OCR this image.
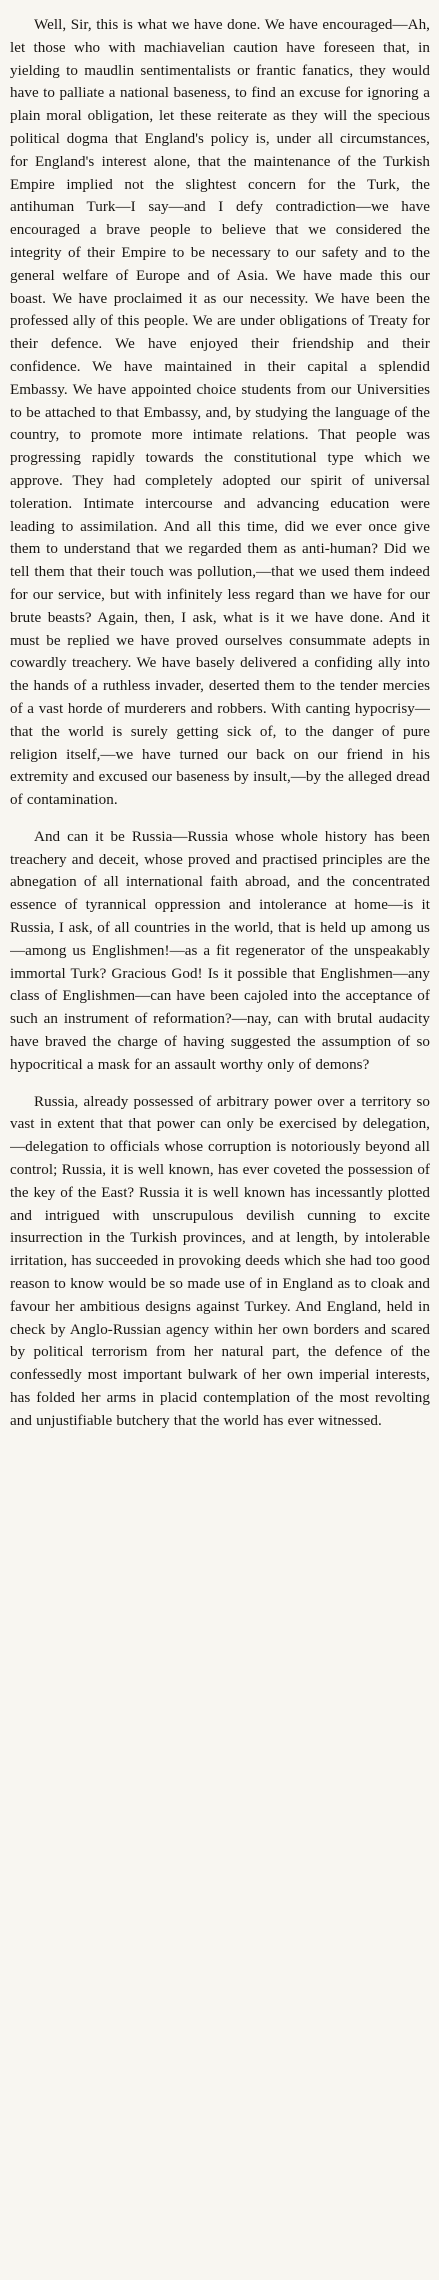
Well, Sir, this is what we have done. We have encouraged—Ah, let those who with machiavelian caution have foreseen that, in yielding to maudlin sentimentalists or frantic fanatics, they would have to palliate a national baseness, to find an excuse for ignoring a plain moral obligation, let these reiterate as they will the specious political dogma that England's policy is, under all circumstances, for England's interest alone, that the maintenance of the Turkish Empire implied not the slightest concern for the Turk, the antihuman Turk—I say—and I defy contradiction—we have encouraged a brave people to believe that we considered the integrity of their Empire to be necessary to our safety and to the general welfare of Europe and of Asia. We have made this our boast. We have proclaimed it as our necessity. We have been the professed ally of this people. We are under obligations of Treaty for their defence. We have enjoyed their friendship and their confidence. We have maintained in their capital a splendid Embassy. We have appointed choice students from our Universities to be attached to that Embassy, and, by studying the language of the country, to promote more intimate relations. That people was progressing rapidly towards the constitutional type which we approve. They had completely adopted our spirit of universal toleration. Intimate intercourse and advancing education were leading to assimilation. And all this time, did we ever once give them to understand that we regarded them as anti-human? Did we tell them that their touch was pollution,—that we used them indeed for our service, but with infinitely less regard than we have for our brute beasts? Again, then, I ask, what is it we have done. And it must be replied we have proved ourselves consummate adepts in cowardly treachery. We have basely delivered a confiding ally into the hands of a ruthless invader, deserted them to the tender mercies of a vast horde of murderers and robbers. With canting hypocrisy—that the world is surely getting sick of, to the danger of pure religion itself,—we have turned our back on our friend in his extremity and excused our baseness by insult,—by the alleged dread of contamination.

And can it be Russia—Russia whose whole history has been treachery and deceit, whose proved and practised principles are the abnegation of all international faith abroad, and the concentrated essence of tyrannical oppression and intolerance at home—is it Russia, I ask, of all countries in the world, that is held up among us—among us Englishmen!—as a fit regenerator of the unspeakably immortal Turk? Gracious God! Is it possible that Englishmen—any class of Englishmen—can have been cajoled into the acceptance of such an instrument of reformation?—nay, can with brutal audacity have braved the charge of having suggested the assumption of so hypocritical a mask for an assault worthy only of demons?

Russia, already possessed of arbitrary power over a territory so vast in extent that that power can only be exercised by delegation,—delegation to officials whose corruption is notoriously beyond all control; Russia, it is well known, has ever coveted the possession of the key of the East? Russia it is well known has incessantly plotted and intrigued with unscrupulous devilish cunning to excite insurrection in the Turkish provinces, and at length, by intolerable irritation, has succeeded in provoking deeds which she had too good reason to know would be so made use of in England as to cloak and favour her ambitious designs against Turkey. And England, held in check by Anglo-Russian agency within her own borders and scared by political terrorism from her natural part, the defence of the confessedly most important bulwark of her own imperial interests, has folded her arms in placid contemplation of the most revolting and unjustifiable butchery that the world has ever witnessed.
